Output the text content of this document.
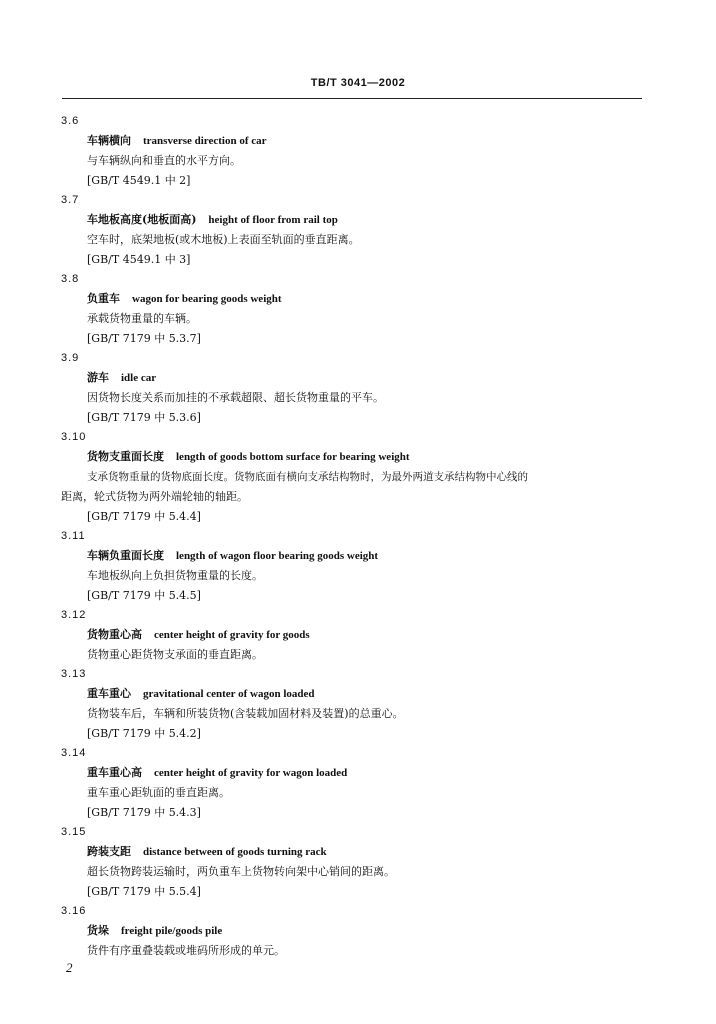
TB/T 3041—2002
3.6
车辆横向 transverse direction of car
与车辆纵向和垂直的水平方向。
[GB/T 4549.1 中 2]
3.7
车地板高度(地板面高) height of floor from rail top
空车时，底架地板(或木地板)上表面至轨面的垂直距离。
[GB/T 4549.1 中 3]
3.8
负重车 wagon for bearing goods weight
承载货物重量的车辆。
[GB/T 7179 中 5.3.7]
3.9
游车 idle car
因货物长度关系而加挂的不承载超限、超长货物重量的平车。
[GB/T 7179 中 5.3.6]
3.10
货物支重面长度 length of goods bottom surface for bearing weight
支承货物重量的货物底面长度。货物底面有横向支承结构物时，为最外两道支承结构物中心线的
距离，轮式货物为两外端轮轴的轴距。
[GB/T 7179 中 5.4.4]
3.11
车辆负重面长度 length of wagon floor bearing goods weight
车地板纵向上负担货物重量的长度。
[GB/T 7179 中 5.4.5]
3.12
货物重心高 center height of gravity for goods
货物重心距货物支承面的垂直距离。
3.13
重车重心 gravitational center of wagon loaded
货物装车后，车辆和所装货物(含装载加固材料及装置)的总重心。
[GB/T 7179 中 5.4.2]
3.14
重车重心高 center height of gravity for wagon loaded
重车重心距轨面的垂直距离。
[GB/T 7179 中 5.4.3]
3.15
跨装支距 distance between of goods turning rack
超长货物跨装运输时，两负重车上货物转向架中心销间的距离。
[GB/T 7179 中 5.5.4]
3.16
货垛 freight pile/goods pile
货件有序重叠装载或堆码所形成的单元。
2
